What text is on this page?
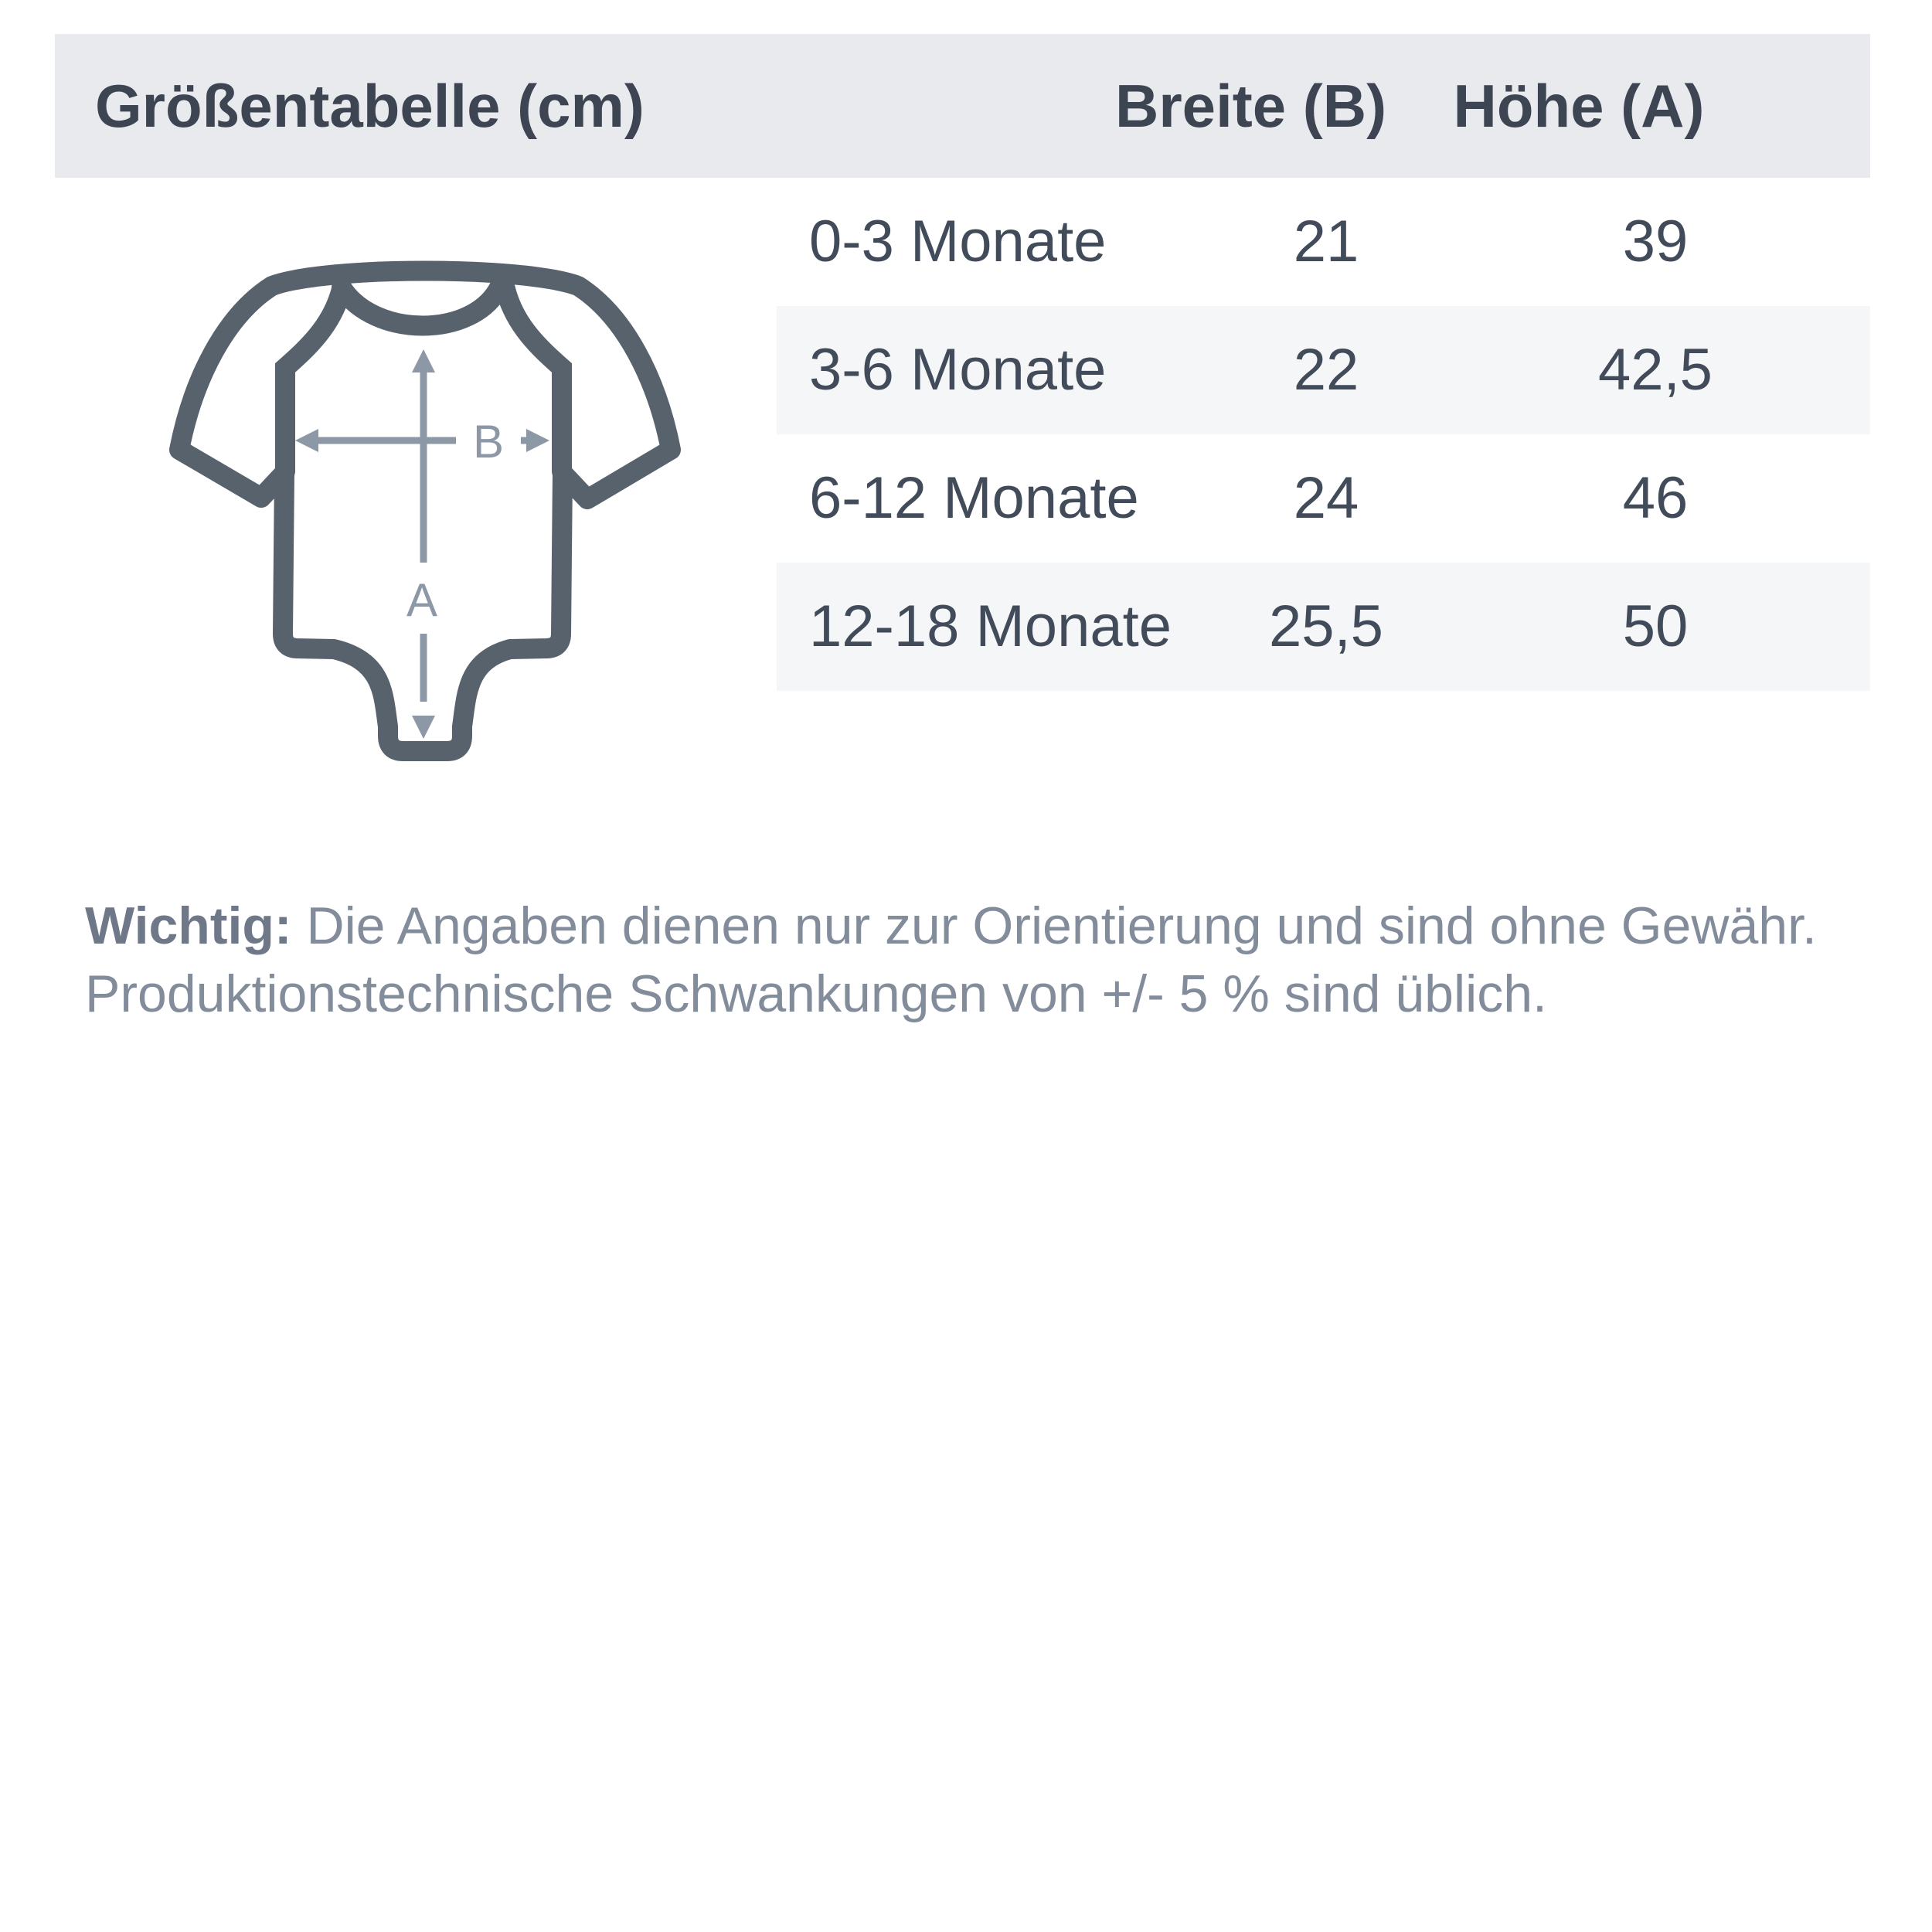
Größentabelle (cm)	Breite (B) Höhe (A)
B
A
0-3 Monate	21	39
3-6 Monate	22	42,5
6-12 Monate	24	46
12-18 Monate	25,5	50

Wichtig: Die Angaben dienen nur zur Orientierung und sind ohne Gewähr.
Produktionstechnische Schwankungen von +/- 5 % sind üblich.
